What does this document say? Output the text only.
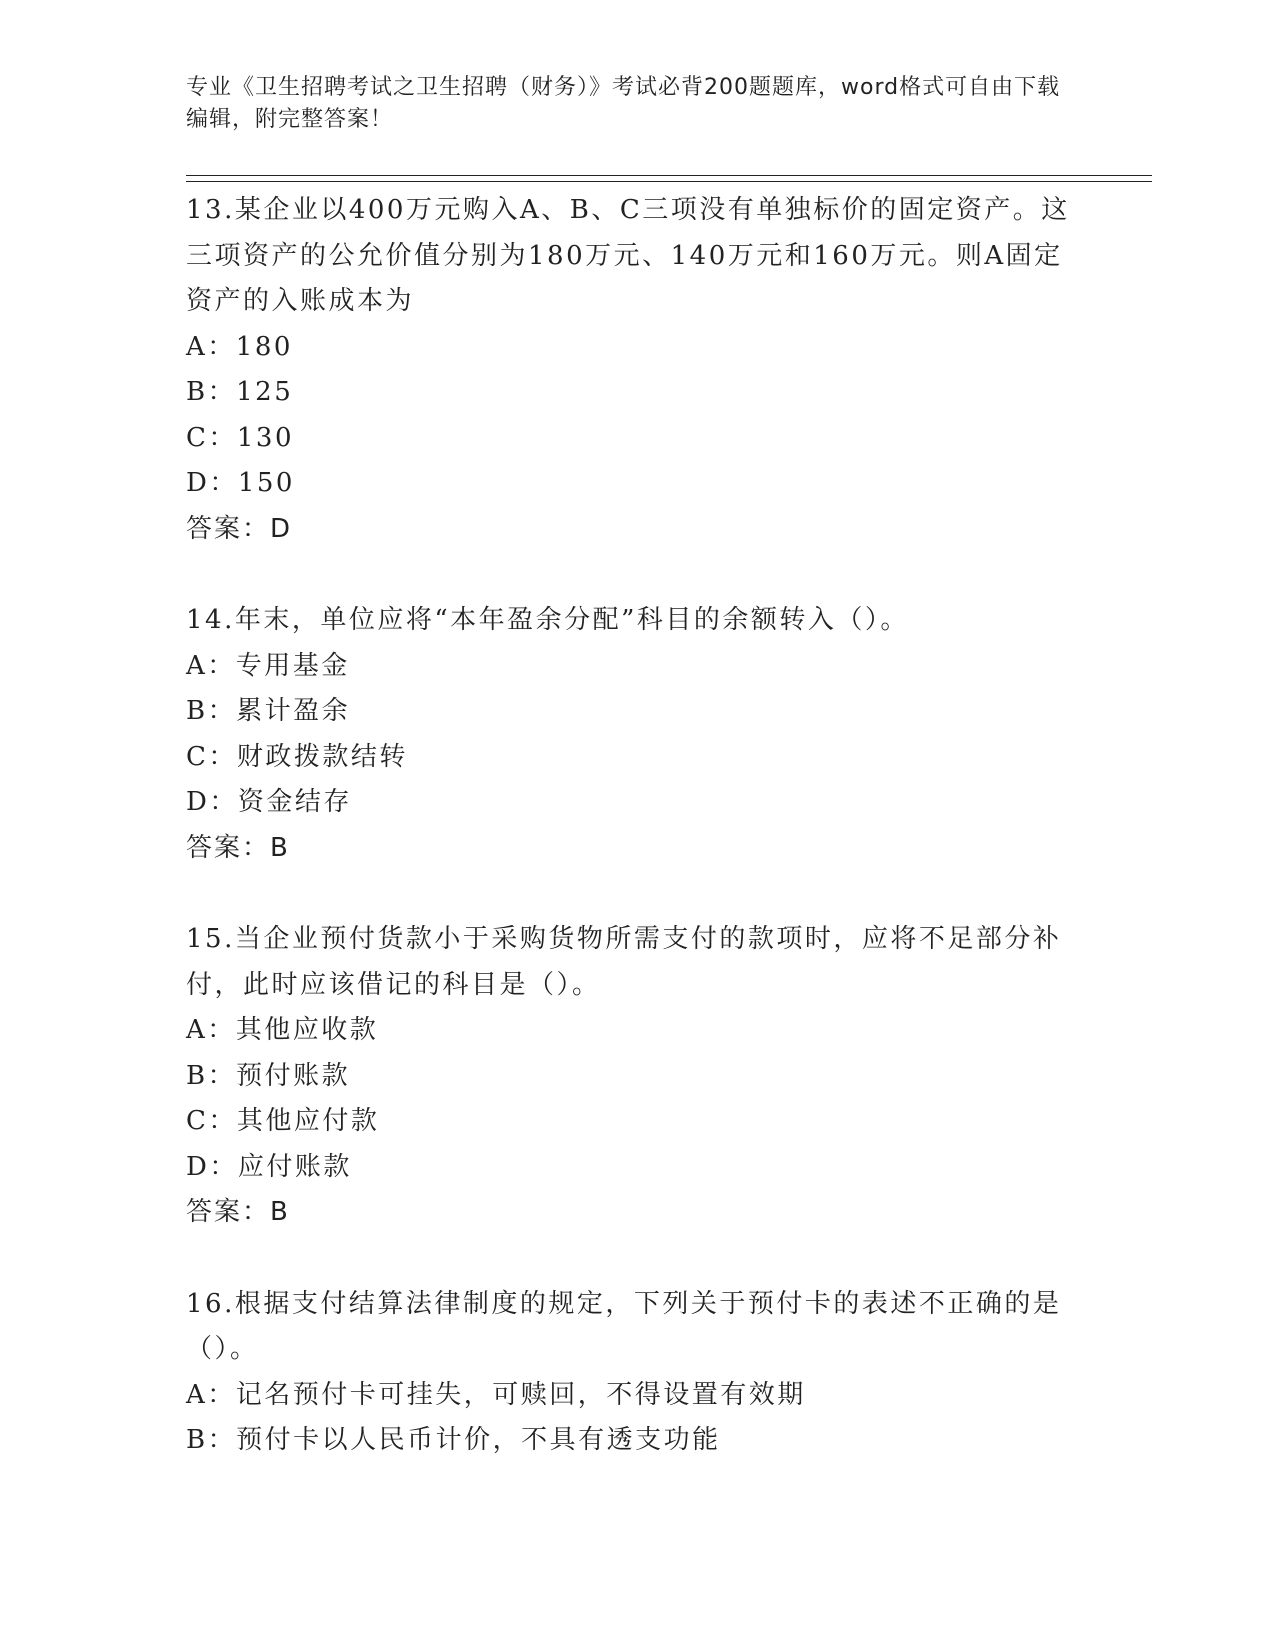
专业《卫生招聘考试之卫生招聘（财务）》考试必背200题题库，word格式可自由下载编辑，附完整答案！
13.某企业以400万元购入A、B、C三项没有单独标价的固定资产。这三项资产的公允价值分别为180万元、140万元和160万元。则A固定资产的入账成本为
A：180
B：125
C：130
D：150
答案：D
14.年末，单位应将“本年盈余分配”科目的余额转入（）。
A：专用基金
B：累计盈余
C：财政拨款结转
D：资金结存
答案：B
15.当企业预付货款小于采购货物所需支付的款项时，应将不足部分补付，此时应该借记的科目是（）。
A：其他应收款
B：预付账款
C：其他应付款
D：应付账款
答案：B
16.根据支付结算法律制度的规定，下列关于预付卡的表述不正确的是（）。
A：记名预付卡可挂失，可赎回，不得设置有效期
B：预付卡以人民币计价，不具有透支功能
